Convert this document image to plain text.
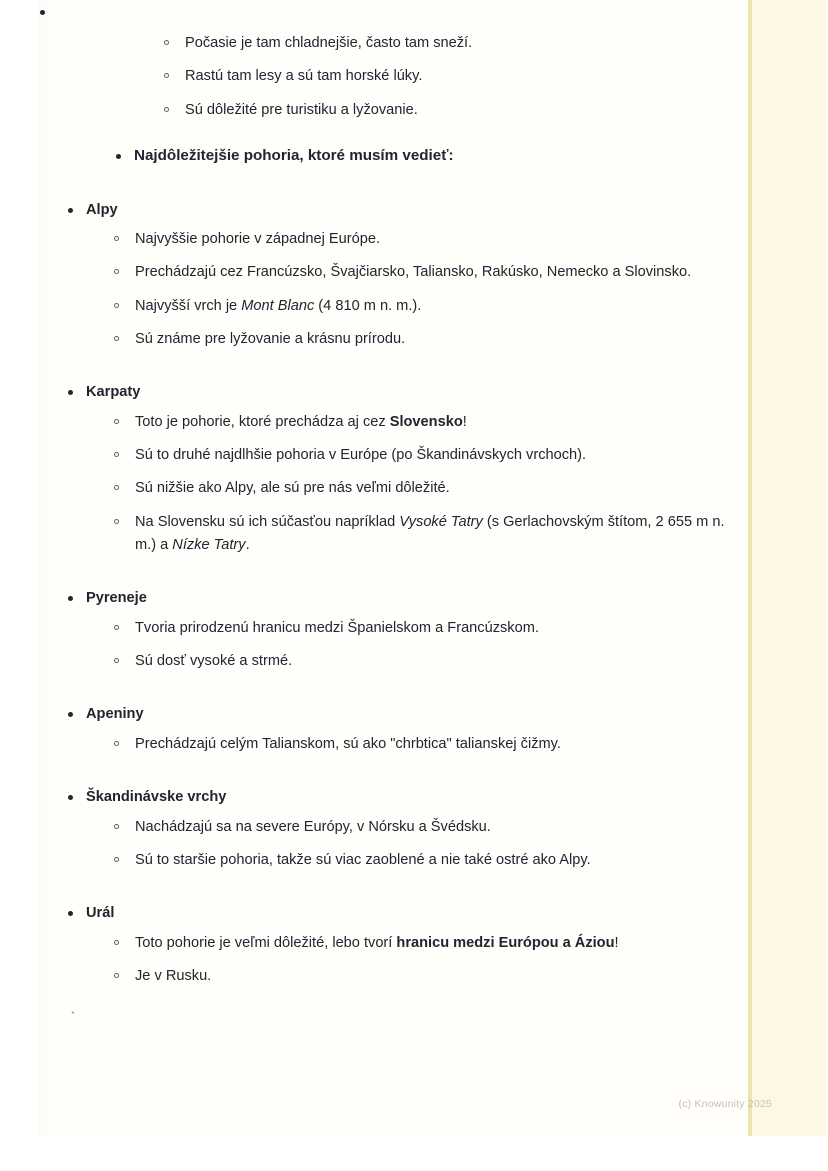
Počasie je tam chladnejšie, často tam sneží.
Rastú tam lesy a sú tam horské lúky.
Sú dôležité pre turistiku a lyžovanie.
Najdôležitejšie pohoria, ktoré musím vedieť:
Alpy
Najvyššie pohorie v západnej Európe.
Prechádzajú cez Francúzsko, Švajčiarsko, Taliansko, Rakúsko, Nemecko a Slovinsko.
Najvyšší vrch je Mont Blanc (4 810 m n. m.).
Sú známe pre lyžovanie a krásnu prírodu.
Karpaty
Toto je pohorie, ktoré prechádza aj cez Slovensko!
Sú to druhé najdlhšie pohoria v Európe (po Škandinávskych vrchoch).
Sú nižšie ako Alpy, ale sú pre nás veľmi dôležité.
Na Slovensku sú ich súčasťou napríklad Vysoké Tatry (s Gerlachovským štítom, 2 655 m n. m.) a Nízke Tatry.
Pyreneje
Tvoria prirodzenú hranicu medzi Španielskom a Francúzskom.
Sú dosť vysoké a strmé.
Apeniny
Prechádzajú celým Talianskom, sú ako "chrbtica" talianskej čižmy.
Škandinávske vrchy
Nachádzajú sa na severe Európy, v Nórsku a Švédsku.
Sú to staršie pohoria, takže sú viac zaoblené a nie také ostré ako Alpy.
Urál
Toto pohorie je veľmi dôležité, lebo tvorí hranicu medzi Európou a Áziou!
Je v Rusku.
`
(c) Knowunity 2025
